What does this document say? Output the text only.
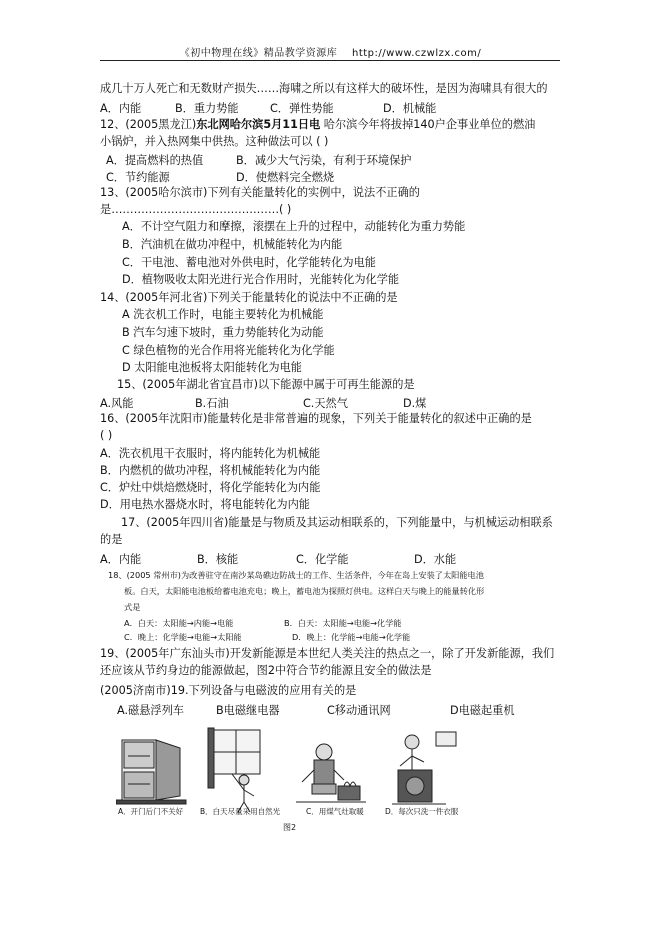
《初中物理在线》精品教学资源库 http://www.czwlzx.com/
成几十万人死亡和无数财产损失……海啸之所以有这样大的破坏性，是因为海啸具有很大的
A．内能	B．重力势能	C．弹性势能	D．机械能
12、(2005黑龙江)东北网哈尔滨5月11日电 哈尔滨今年将拔掉140户企事业单位的燃油
小锅炉，并入热网集中供热。这种做法可以 ( )
A．提高燃料的热值	B．减少大气污染，有利于环境保护
C．节约能源	D．使燃料完全燃烧
13、(2005哈尔滨市)下列有关能量转化的实例中，说法不正确的
是………………………………………( )
A．不计空气阻力和摩擦，滚摆在上升的过程中，动能转化为重力势能
B．汽油机在做功冲程中，机械能转化为内能
C．干电池、蓄电池对外供电时，化学能转化为电能
D．植物吸收太阳光进行光合作用时，光能转化为化学能
14、(2005年河北省)下列关于能量转化的说法中不正确的是
A 洗衣机工作时，电能主要转化为机械能
B 汽车匀速下坡时，重力势能转化为动能
C 绿色植物的光合作用将光能转化为化学能
D 太阳能电池板将太阳能转化为电能
15、(2005年湖北省宜昌市)以下能源中属于可再生能源的是
A.风能	B.石油	C.天然气	D.煤
16、(2005年沈阳市)能量转化是非常普遍的现象，下列关于能量转化的叙述中正确的是
( )
A．洗衣机甩干衣服时，将内能转化为机械能
B．内燃机的做功冲程，将机械能转化为内能
C．炉灶中烘焙燃烧时，将化学能转化为内能
D．用电热水器烧水时，将电能转化为内能
17、(2005年四川省)能量是与物质及其运动相联系的，下列能量中，与机械运动相联系
的是
A．内能	B．核能	C．化学能	D．水能
18、(2005 常州市)为改善驻守在南沙某岛礁边防战士的工作、生活条件，今年在岛上安装了太阳能电池
板。白天，太阳能电池板给蓄电池充电；晚上，蓄电池为探照灯供电。这样白天与晚上的能量转化形
式是
A．白天：太阳能→内能→电能	B．白天：太阳能→电能→化学能
C．晚上：化学能→电能→太阳能	D．晚上：化学能→电能→化学能
19、(2005年广东汕头市)开发新能源是本世纪人类关注的热点之一，除了开发新能源，我们
还应该从节约身边的能源做起，图2中符合节约能源且安全的做法是
(2005济南市)19.下列设备与电磁波的应用有关的是
A.磁悬浮列车	B电磁继电器	C移动通讯网	D电磁起重机
A．开门后门不关好 B．白天尽量采用自然光	C．用煤气灶取暖	D．每次只洗一件衣服
图2
